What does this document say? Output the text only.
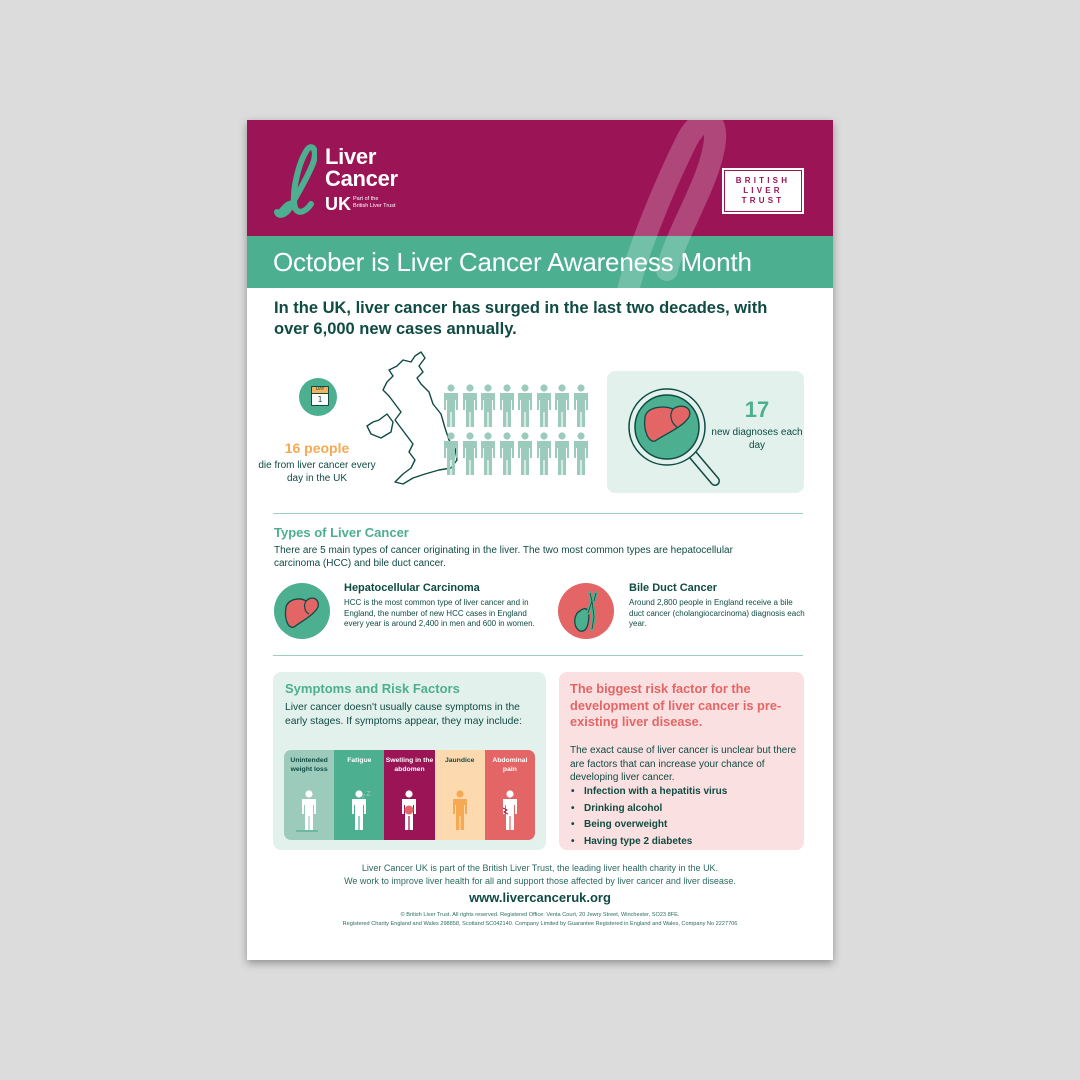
Liver
Cancer
UK Part of the
British Liver Trust
BRITISH
LIVER
TRUST
October is Liver Cancer Awareness Month
In the UK, liver cancer has surged in the last two decades, with over 6,000 new cases annually.
DAY
1
16 people
die from liver cancer every day in the UK
17
new diagnoses each day
Types of Liver Cancer
There are 5 main types of cancer originating in the liver. The two most common types are hepatocellular carcinoma (HCC) and bile duct cancer.
Hepatocellular Carcinoma
HCC is the most common type of liver cancer and in England, the number of new HCC cases in England every year is around 2,400 in men and 600 in women.
Bile Duct Cancer
Around 2,800 people in England receive a bile duct cancer (cholangiocarcinoma) diagnosis each year.
Symptoms and Risk Factors
Liver cancer doesn't usually cause symptoms in the early stages. If symptoms appear, they may include:
Unintended weight loss
Fatigue
z Z
Swelling in the abdomen
Jaundice	Abdominal pain
The biggest risk factor for the development of liver cancer is pre-existing liver disease.
The exact cause of liver cancer is unclear but there are factors that can increase your chance of developing liver cancer.
• Infection with a hepatitis virus
• Drinking alcohol
• Being overweight
• Having type 2 diabetes
Liver Cancer UK is part of the British Liver Trust, the leading liver health charity in the UK.
We work to improve liver health for all and support those affected by liver cancer and liver disease.
www.livercanceruk.org
© British Liver Trust. All rights reserved. Registered Office: Venta Court, 20 Jewry Street, Winchester, SO23 8FE.
Registered Charity England and Wales 298858, Scotland SC042140. Company Limited by Guarantee Registered in England and Wales, Company No 2227706
